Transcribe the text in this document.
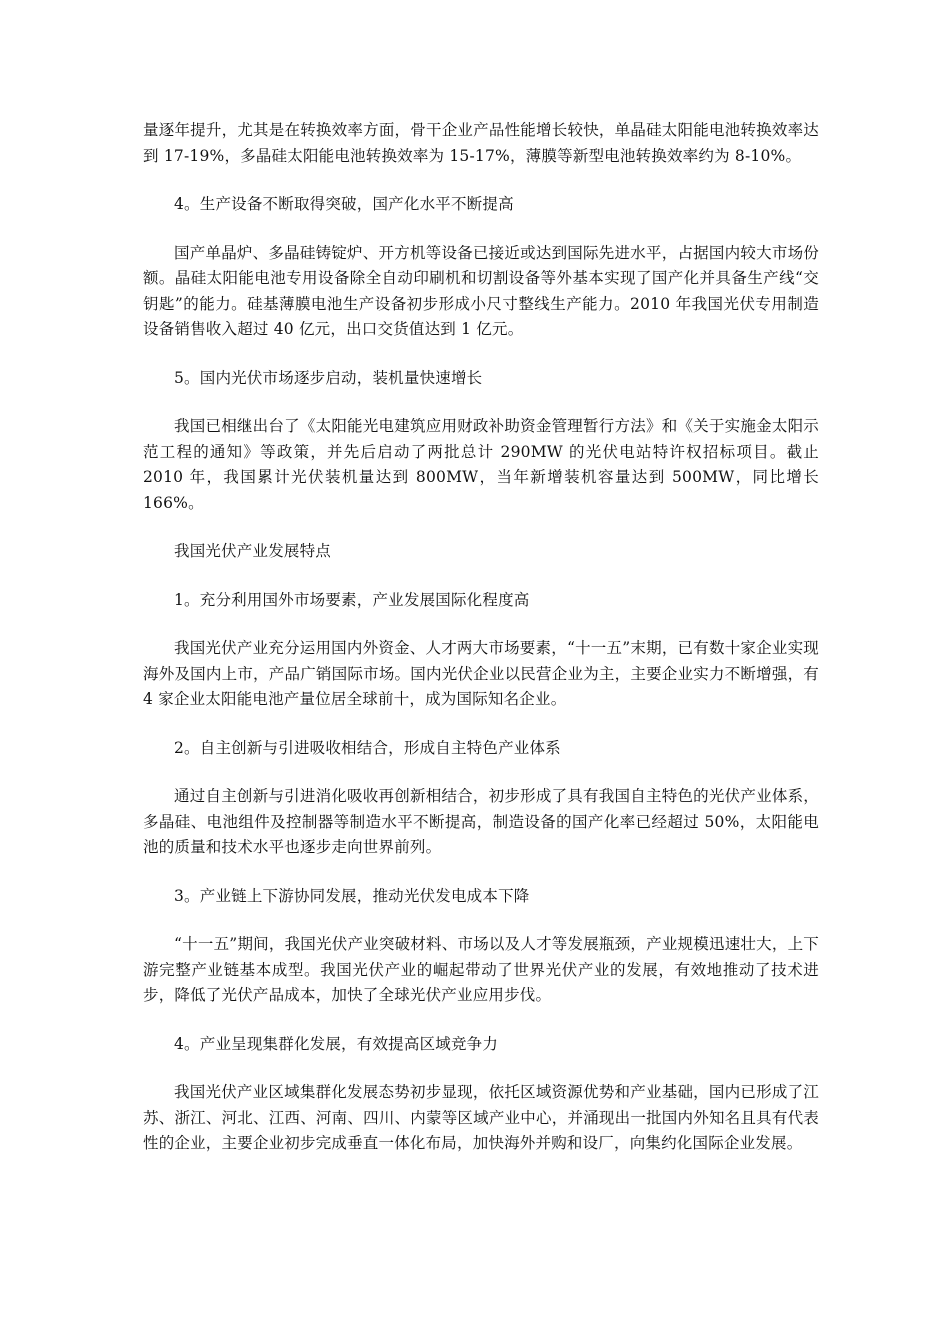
量逐年提升，尤其是在转换效率方面，骨干企业产品性能增长较快，单晶硅太阳能电池转换效率达到 17-19%，多晶硅太阳能电池转换效率为 15-17%，薄膜等新型电池转换效率约为 8-10%。

4。生产设备不断取得突破，国产化水平不断提高

国产单晶炉、多晶硅铸锭炉、开方机等设备已接近或达到国际先进水平，占据国内较大市场份额。晶硅太阳能电池专用设备除全自动印刷机和切割设备等外基本实现了国产化并具备生产线“交钥匙”的能力。硅基薄膜电池生产设备初步形成小尺寸整线生产能力。2010 年我国光伏专用制造设备销售收入超过 40 亿元，出口交货值达到 1 亿元。

5。国内光伏市场逐步启动，装机量快速增长

我国已相继出台了《太阳能光电建筑应用财政补助资金管理暂行方法》和《关于实施金太阳示范工程的通知》等政策，并先后启动了两批总计 290MW 的光伏电站特许权招标项目。截止 2010 年，我国累计光伏装机量达到 800MW，当年新增装机容量达到 500MW，同比增长 166%。

我国光伏产业发展特点

1。充分利用国外市场要素，产业发展国际化程度高

我国光伏产业充分运用国内外资金、人才两大市场要素，“十一五”末期，已有数十家企业实现海外及国内上市，产品广销国际市场。国内光伏企业以民营企业为主，主要企业实力不断增强，有 4 家企业太阳能电池产量位居全球前十，成为国际知名企业。

2。自主创新与引进吸收相结合，形成自主特色产业体系

通过自主创新与引进消化吸收再创新相结合，初步形成了具有我国自主特色的光伏产业体系，多晶硅、电池组件及控制器等制造水平不断提高，制造设备的国产化率已经超过 50%，太阳能电池的质量和技术水平也逐步走向世界前列。

3。产业链上下游协同发展，推动光伏发电成本下降

“十一五”期间，我国光伏产业突破材料、市场以及人才等发展瓶颈，产业规模迅速壮大，上下游完整产业链基本成型。我国光伏产业的崛起带动了世界光伏产业的发展，有效地推动了技术进步，降低了光伏产品成本，加快了全球光伏产业应用步伐。

4。产业呈现集群化发展，有效提高区域竞争力

我国光伏产业区域集群化发展态势初步显现，依托区域资源优势和产业基础，国内已形成了江苏、浙江、河北、江西、河南、四川、内蒙等区域产业中心，并涌现出一批国内外知名且具有代表性的企业，主要企业初步完成垂直一体化布局，加快海外并购和设厂，向集约化国际企业发展。
